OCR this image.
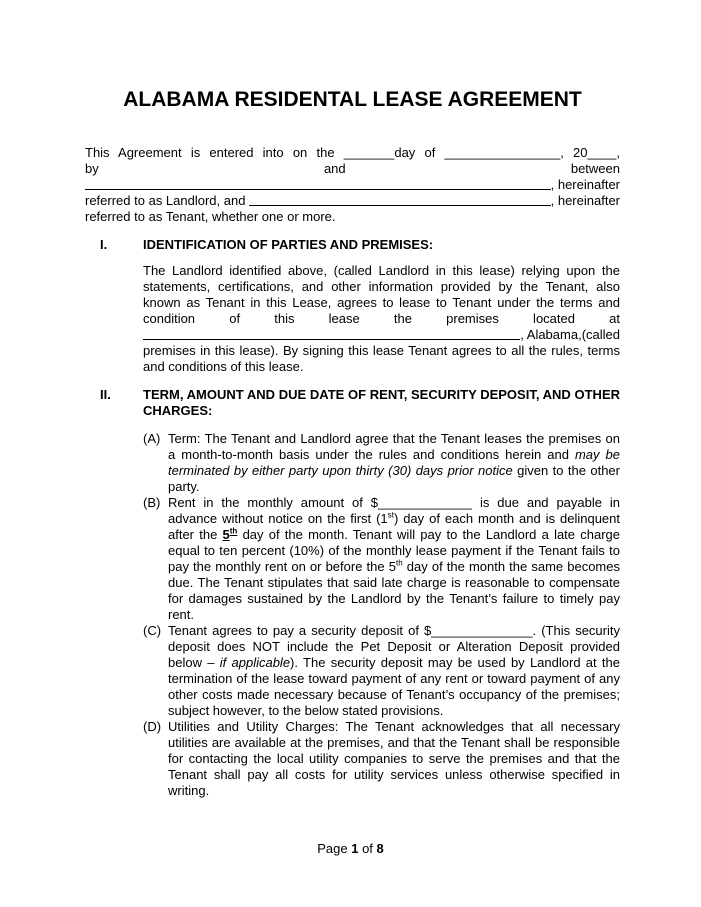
ALABAMA RESIDENTAL LEASE AGREEMENT
This Agreement is entered into on the _______day of ________________, 20____,
by	and	between
, hereinafter
referred to as Landlord, and	, hereinafter
referred to as Tenant, whether one or more.
I.	IDENTIFICATION OF PARTIES AND PREMISES:
The Landlord identified above, (called Landlord in this lease) relying upon the statements, certifications, and other information provided by the Tenant, also known as Tenant in this Lease, agrees to lease to Tenant under the terms and condition of this lease the premises located at
, Alabama, (called
premises in this lease). By signing this lease Tenant agrees to all the rules, terms and conditions of this lease.
II.	TERM, AMOUNT AND DUE DATE OF RENT, SECURITY DEPOSIT, AND OTHER CHARGES:
(A) Term: The Tenant and Landlord agree that the Tenant leases the premises on a month-to-month basis under the rules and conditions herein and may be terminated by either party upon thirty (30) days prior notice given to the other party.
(B) Rent in the monthly amount of $_____________ is due and payable in advance without notice on the first (1st) day of each month and is delinquent after the 5th day of the month. Tenant will pay to the Landlord a late charge equal to ten percent (10%) of the monthly lease payment if the Tenant fails to pay the monthly rent on or before the 5th day of the month the same becomes due. The Tenant stipulates that said late charge is reasonable to compensate for damages sustained by the Landlord by the Tenant’s failure to timely pay rent.
(C) Tenant agrees to pay a security deposit of $______________. (This security deposit does NOT include the Pet Deposit or Alteration Deposit provided below – if applicable). The security deposit may be used by Landlord at the termination of the lease toward payment of any rent or toward payment of any other costs made necessary because of Tenant’s occupancy of the premises; subject however, to the below stated provisions.
(D) Utilities and Utility Charges: The Tenant acknowledges that all necessary utilities are available at the premises, and that the Tenant shall be responsible for contacting the local utility companies to serve the premises and that the Tenant shall pay all costs for utility services unless otherwise specified in writing.
Page 1 of 8
